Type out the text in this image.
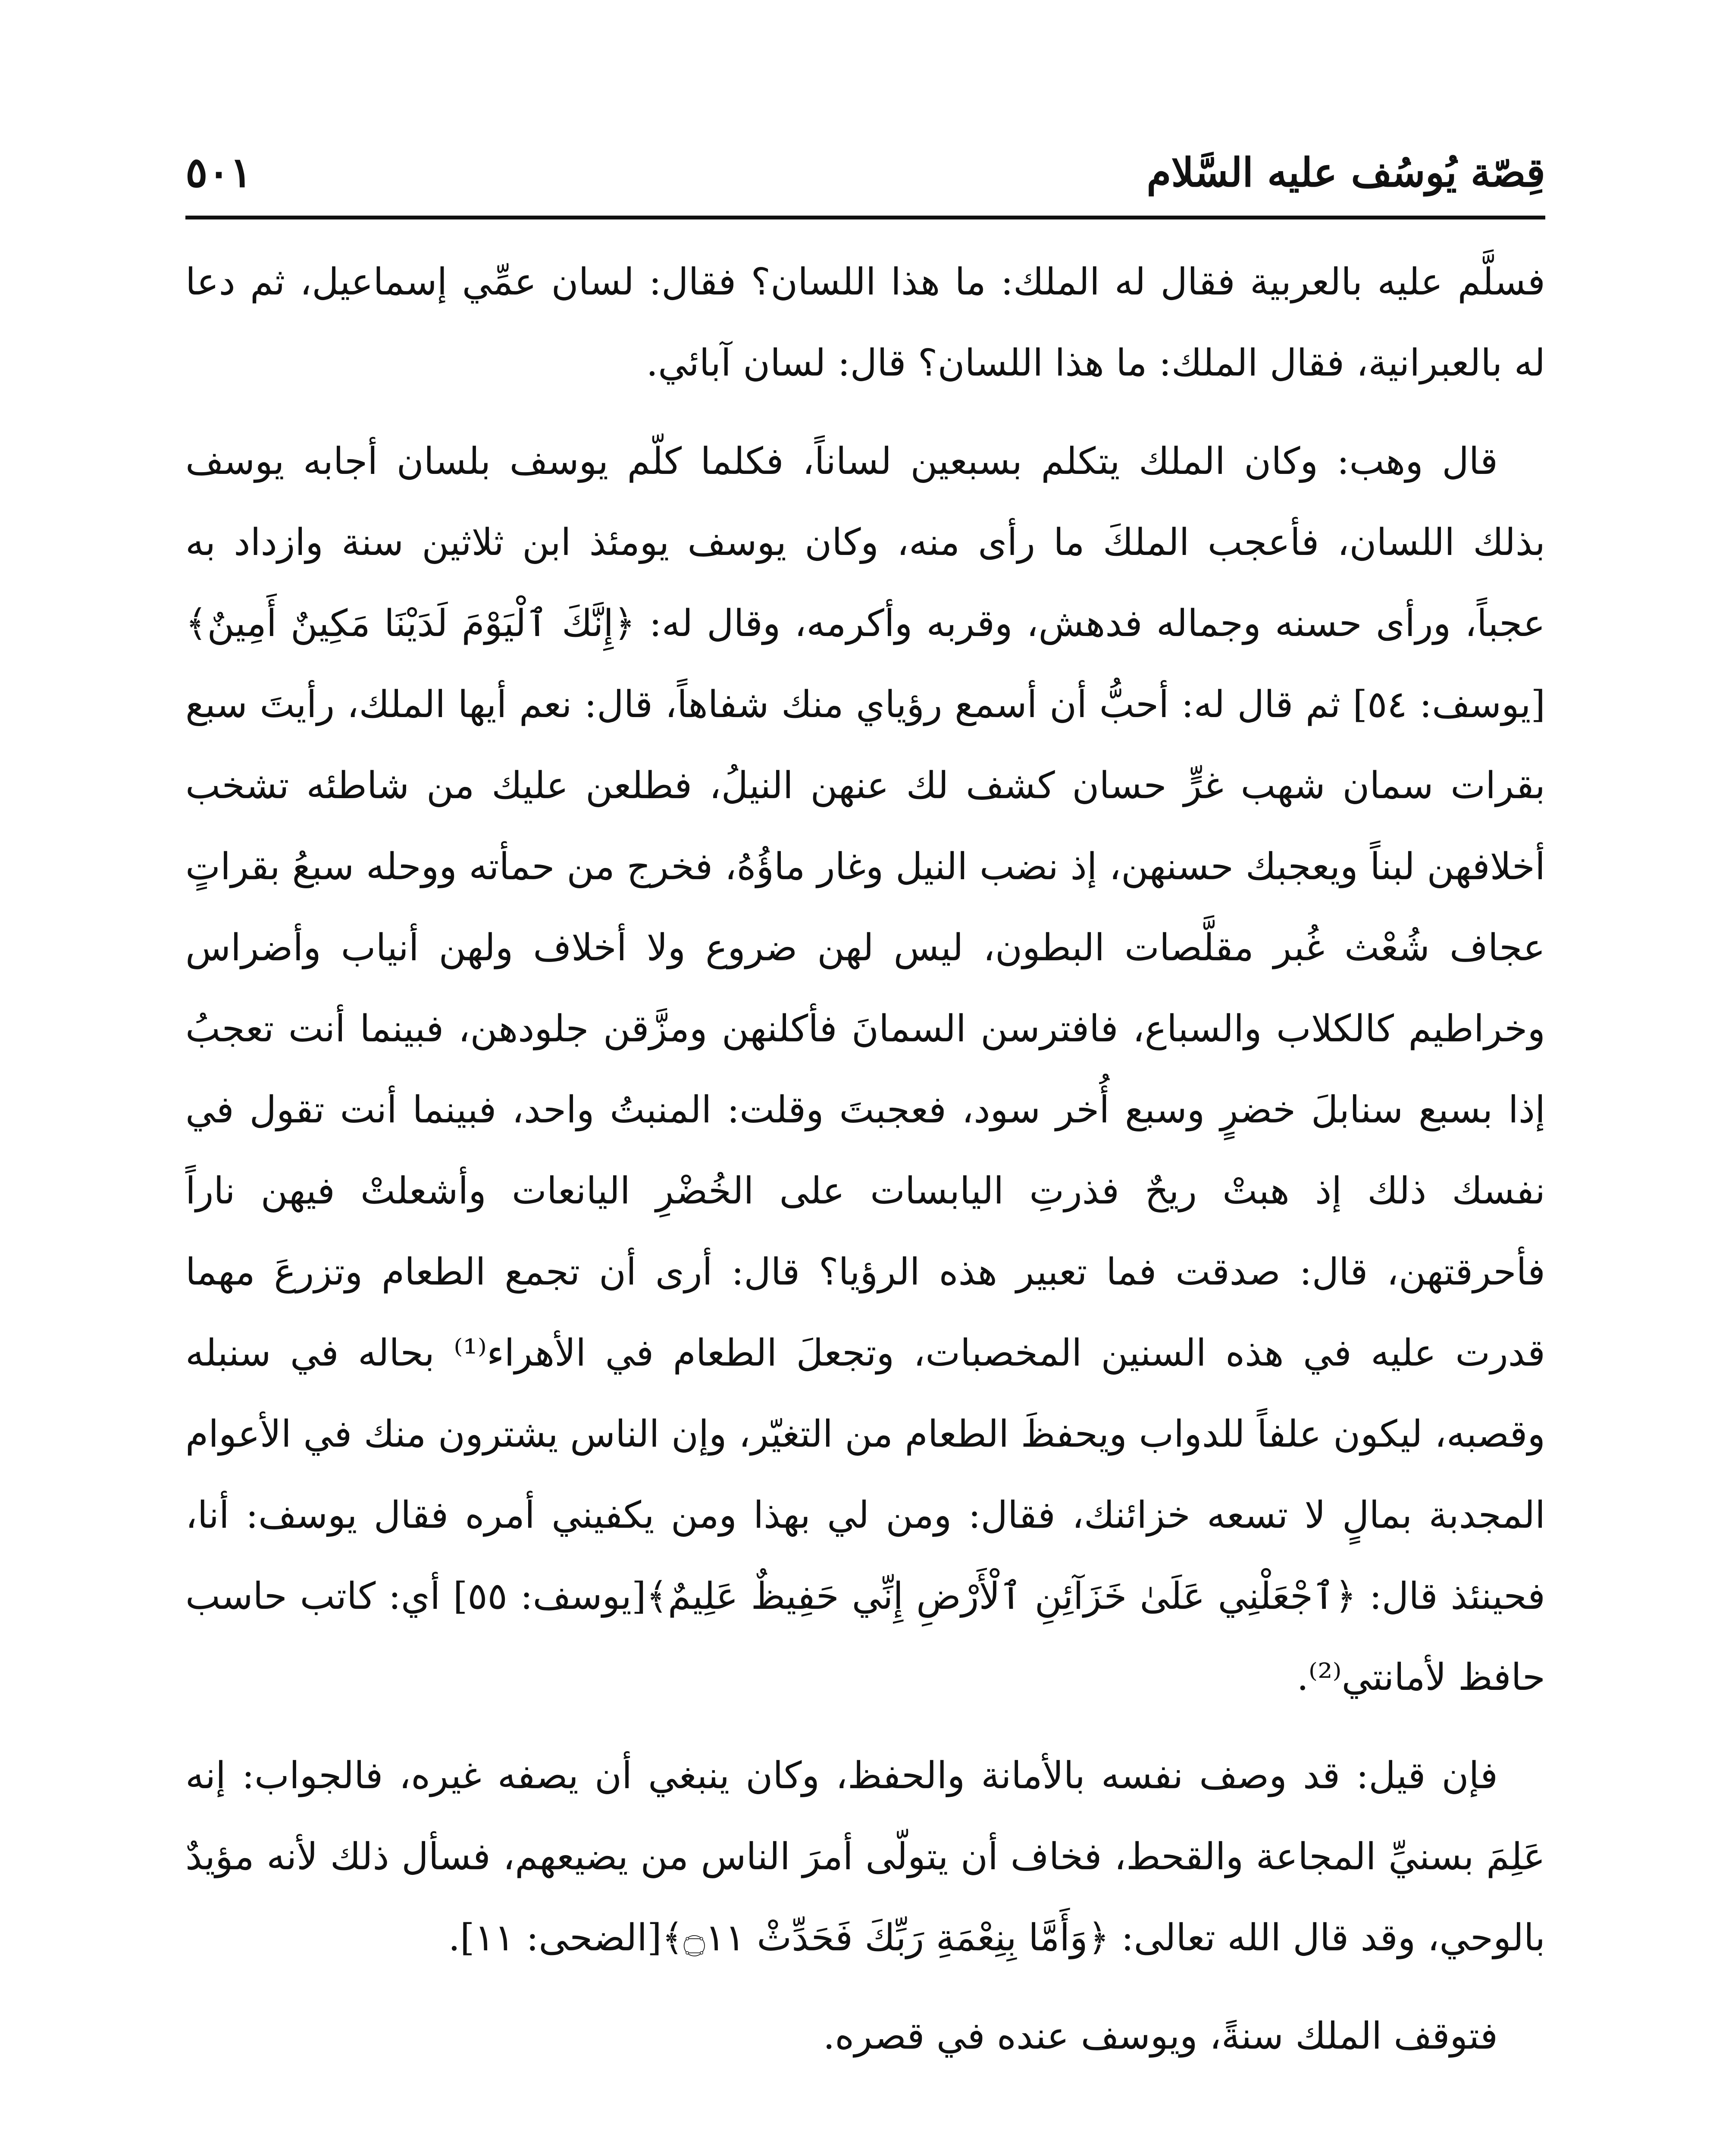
قِصّة يُوسُف عليه السَّلام
٥٠١

فسلَّم عليه بالعربية فقال له الملك: ما هذا اللسان؟ فقال: لسان عمِّي إسماعيل، ثم دعا له بالعبرانية، فقال الملك: ما هذا اللسان؟ قال: لسان آبائي.

قال وهب: وكان الملك يتكلم بسبعين لساناً، فكلما كلّم يوسف بلسان أجابه يوسف بذلك اللسان، فأعجب الملكَ ما رأى منه، وكان يوسف يومئذ ابن ثلاثين سنة وازداد به عجباً، ورأى حسنه وجماله فدهش، وقربه وأكرمه، وقال له: ﴿إِنَّكَ ٱلْيَوْمَ لَدَيْنَا مَكِينٌ أَمِينٌ﴾[يوسف: ٥٤] ثم قال له: أحبُّ أن أسمع رؤياي منك شفاهاً، قال: نعم أيها الملك، رأيتَ سبع بقرات سمان شهب غرٍّ حسان كشف لك عنهن النيلُ، فطلعن عليك من شاطئه تشخب أخلافهن لبناً ويعجبك حسنهن، إذ نضب النيل وغار ماؤُهُ، فخرج من حمأته ووحله سبعُ بقراتٍ عجاف شُعْث غُبر مقلَّصات البطون، ليس لهن ضروع ولا أخلاف ولهن أنياب وأضراس وخراطيم كالكلاب والسباع، فافترسن السمانَ فأكلنهن ومزَّقن جلودهن، فبينما أنت تعجبُ إذا بسبع سنابلَ خضرٍ وسبع أُخر سود، فعجبتَ وقلت: المنبتُ واحد، فبينما أنت تقول في نفسك ذلك إذ هبتْ ريحٌ فذرتِ اليابسات على الخُضْرِ اليانعات وأشعلتْ فيهن ناراً فأحرقتهن، قال: صدقت فما تعبير هذه الرؤيا؟ قال: أرى أن تجمع الطعام وتزرعَ مهما قدرت عليه في هذه السنين المخصبات، وتجعلَ الطعام في الأهراء⁽¹⁾ بحاله في سنبله وقصبه، ليكون علفاً للدواب ويحفظَ الطعام من التغيّر، وإن الناس يشترون منك في الأعوام المجدبة بمالٍ لا تسعه خزائنك، فقال: ومن لي بهذا ومن يكفيني أمره فقال يوسف: أنا، فحينئذ قال: ﴿ٱجْعَلْنِي عَلَىٰ خَزَآئِنِ ٱلْأَرْضِ إِنِّي حَفِيظٌ عَلِيمٌ﴾[يوسف: ٥٥] أي: كاتب حاسب حافظ لأمانتي⁽²⁾.

فإن قيل: قد وصف نفسه بالأمانة والحفظ، وكان ينبغي أن يصفه غيره، فالجواب: إنه عَلِمَ بسنيِّ المجاعة والقحط، فخاف أن يتولّى أمرَ الناس من يضيعهم، فسأل ذلك لأنه مؤيدٌ بالوحي، وقد قال الله تعالى: ﴿وَأَمَّا بِنِعْمَةِ رَبِّكَ فَحَدِّثْ ۝١١﴾[الضحى: ١١].

فتوقف الملك سنةً، ويوسف عنده في قصره.
